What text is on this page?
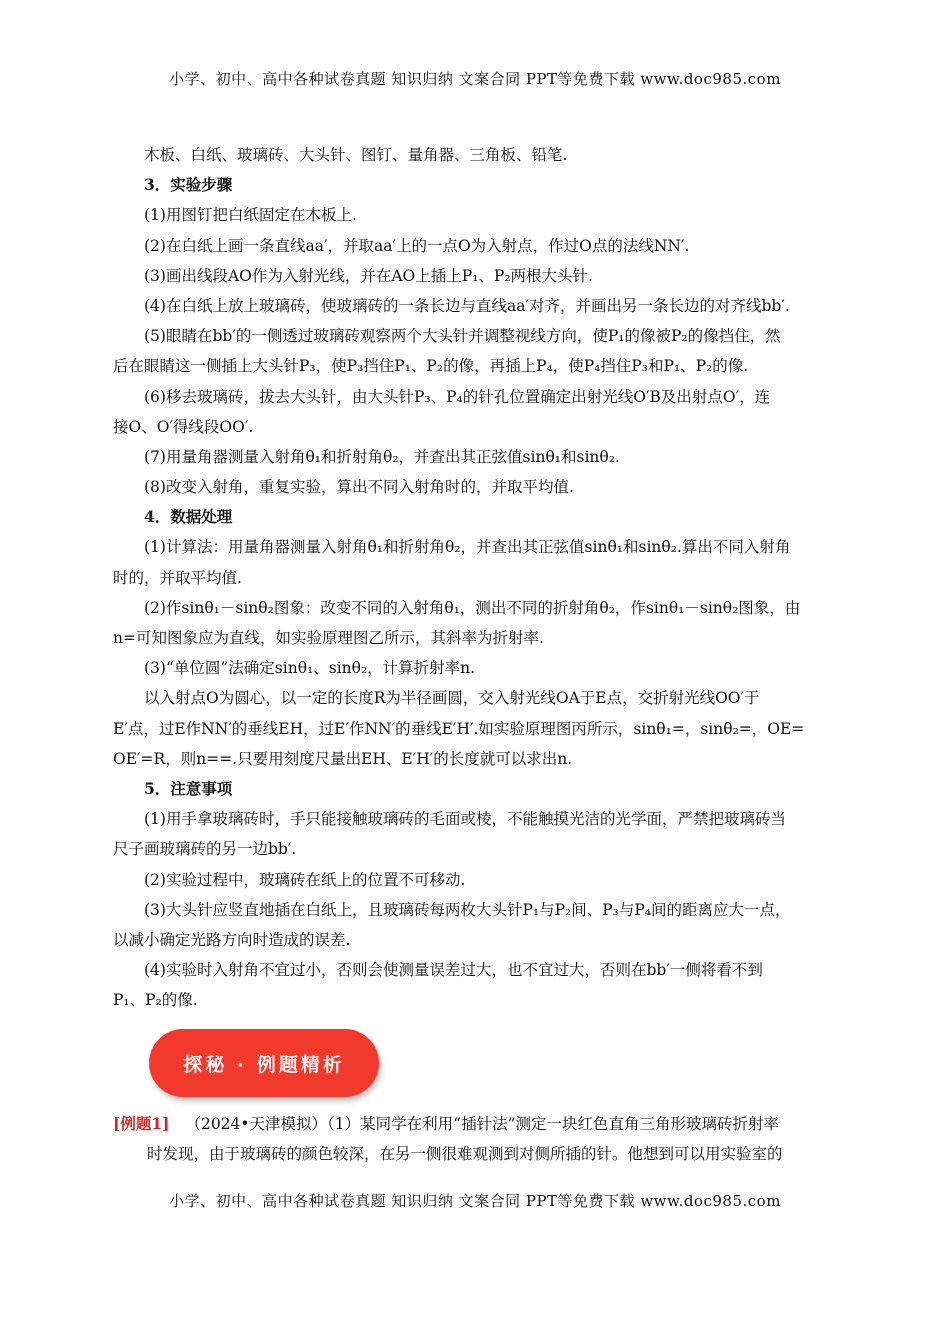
小学、初中、高中各种试卷真题 知识归纳 文案合同 PPT等免费下载 www.doc985.com
木板、白纸、玻璃砖、大头针、图钉、量角器、三角板、铅笔.
3．实验步骤
(1)用图钉把白纸固定在木板上.
(2)在白纸上画一条直线aa′，并取aa′上的一点O为入射点，作过O点的法线NN′.
(3)画出线段AO作为入射光线，并在AO上插上P₁、P₂两根大头针.
(4)在白纸上放上玻璃砖，使玻璃砖的一条长边与直线aa′对齐，并画出另一条长边的对齐线bb′.
(5)眼睛在bb′的一侧透过玻璃砖观察两个大头针并调整视线方向，使P₁的像被P₂的像挡住，然
后在眼睛这一侧插上大头针P₃，使P₃挡住P₁、P₂的像，再插上P₄，使P₄挡住P₃和P₁、P₂的像.
(6)移去玻璃砖，拔去大头针，由大头针P₃、P₄的针孔位置确定出射光线O′B及出射点O′，连
接O、O′得线段OO′.
(7)用量角器测量入射角θ₁和折射角θ₂，并查出其正弦值sinθ₁和sinθ₂.
(8)改变入射角，重复实验，算出不同入射角时的，并取平均值.
4．数据处理
(1)计算法：用量角器测量入射角θ₁和折射角θ₂，并查出其正弦值sinθ₁和sinθ₂.算出不同入射角
时的，并取平均值.
(2)作sinθ₁－sinθ₂图象：改变不同的入射角θ₁，测出不同的折射角θ₂，作sinθ₁－sinθ₂图象，由
n=可知图象应为直线，如实验原理图乙所示，其斜率为折射率.
(3)“单位圆”法确定sinθ₁、sinθ₂，计算折射率n.
以入射点O为圆心，以一定的长度R为半径画圆，交入射光线OA于E点，交折射光线OO′于
E′点，过E作NN′的垂线EH，过E′作NN′的垂线E′H′.如实验原理图丙所示，sinθ₁=，sinθ₂=，OE=
OE′=R，则n==.只要用刻度尺量出EH、E′H′的长度就可以求出n.
5．注意事项
(1)用手拿玻璃砖时，手只能接触玻璃砖的毛面或棱，不能触摸光洁的光学面，严禁把玻璃砖当
尺子画玻璃砖的另一边bb′.
(2)实验过程中，玻璃砖在纸上的位置不可移动.
(3)大头针应竖直地插在白纸上，且玻璃砖每两枚大头针P₁与P₂间、P₃与P₄间的距离应大一点，
以减小确定光路方向时造成的误差.
(4)实验时入射角不宜过小，否则会使测量误差过大，也不宜过大，否则在bb′一侧将看不到
P₁、P₂的像.
探秘 · 例题精析
[例题1] （2024•天津模拟）（1）某同学在利用“插针法”测定一块红色直角三角形玻璃砖折射率
时发现，由于玻璃砖的颜色较深，在另一侧很难观测到对侧所插的针。他想到可以用实验室的
小学、初中、高中各种试卷真题 知识归纳 文案合同 PPT等免费下载 www.doc985.com
